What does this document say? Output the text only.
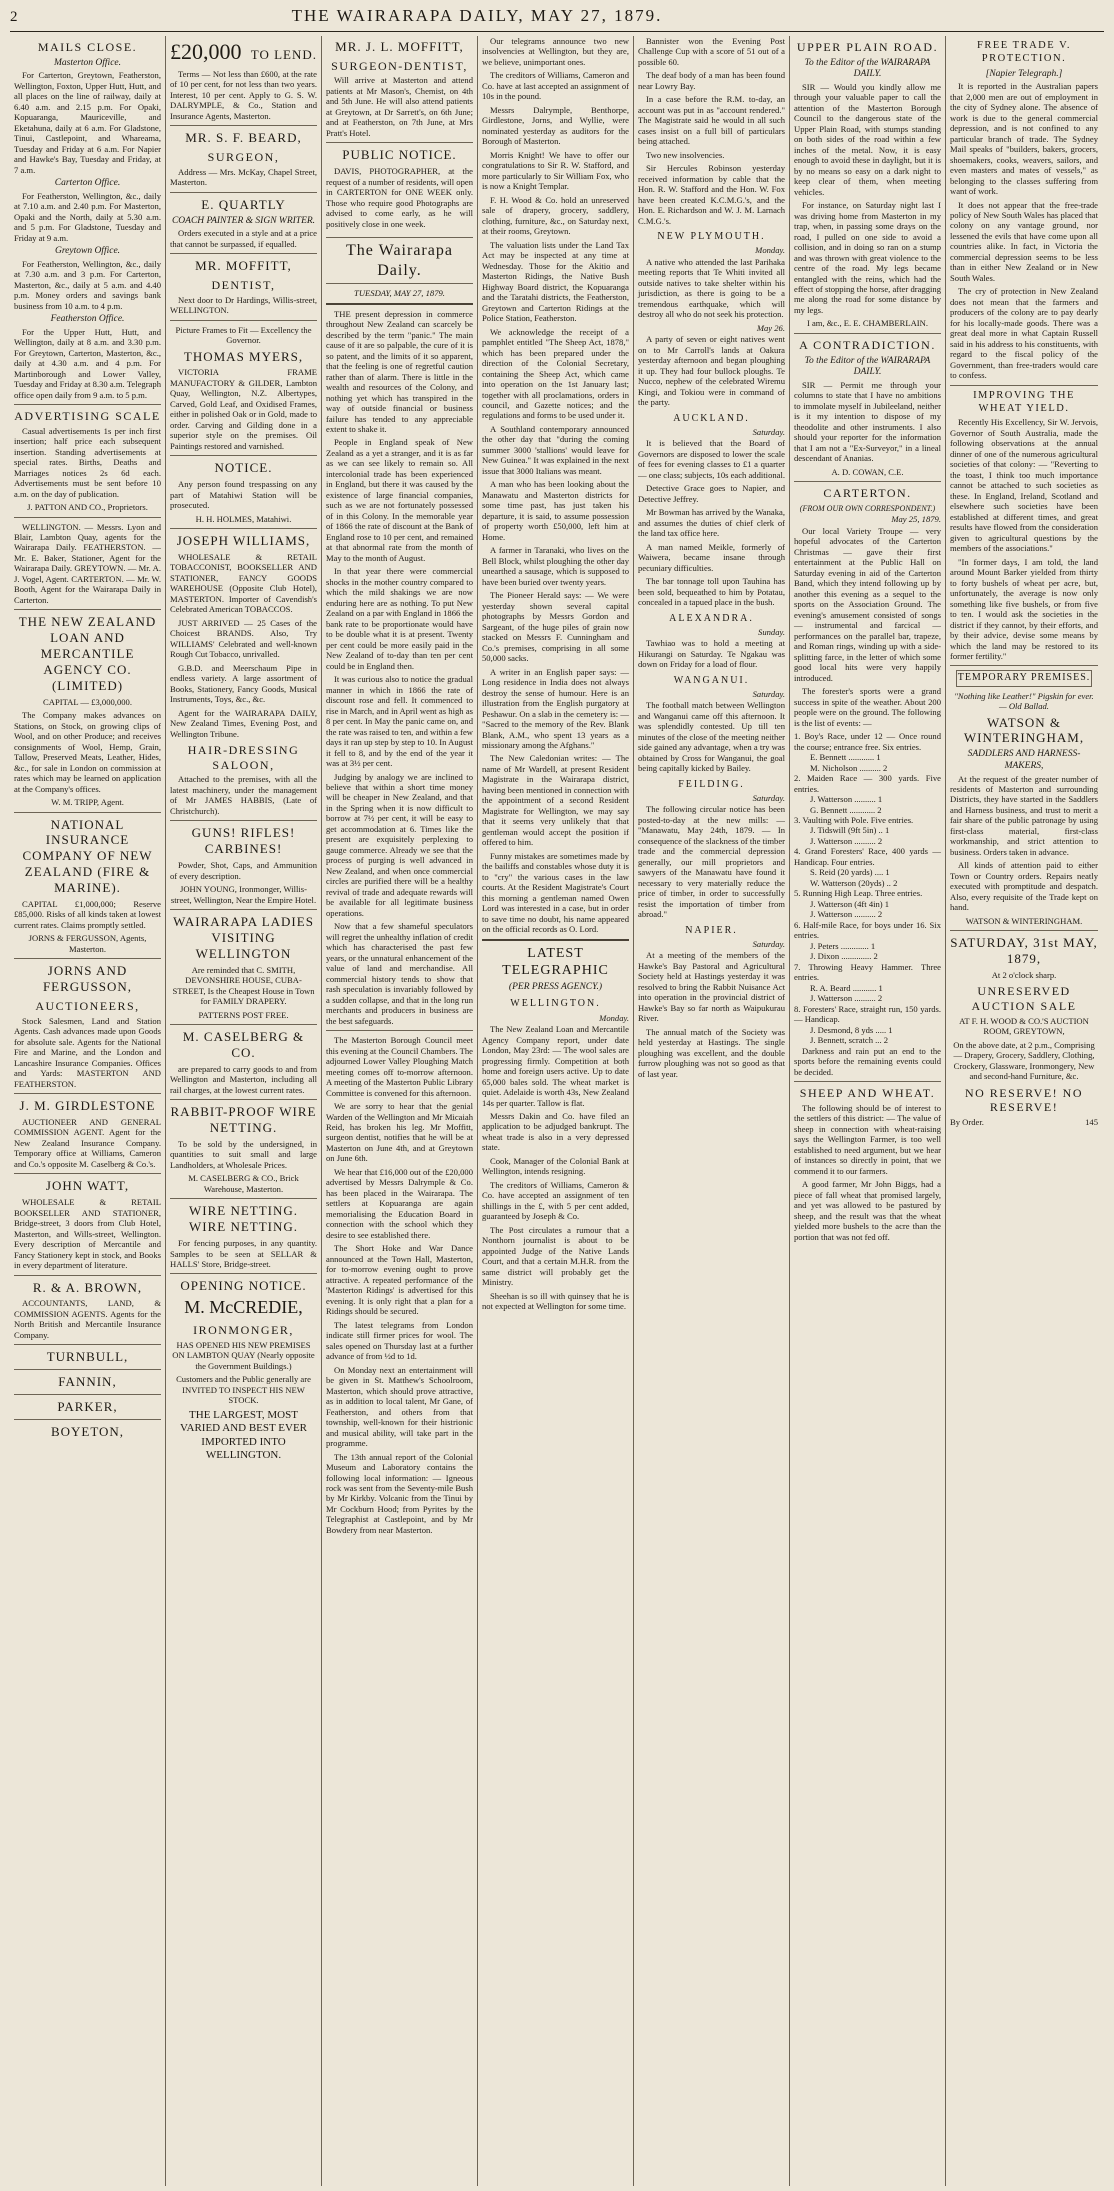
2	THE WAIRARAPA DAILY, MAY 27, 1879.
MAILS CLOSE.
Masterton Office.

For Carterton, Greytown, Featherston, Wellington, Foxton, Upper Hutt, Hutt, and all places on the line of railway, daily at 6.40 a.m. and 2.15 p.m. For Opaki, Kopuaranga, Mauriceville, and Eketahuna, daily at 6 a.m. For Gladstone, Tinui, Castlepoint, and Whareama, Tuesday and Friday at 6 a.m. For Napier and Hawke's Bay, Tuesday and Friday, at 7 a.m.

Carterton Office.

For Featherston, Wellington, &c., daily at 7.10 a.m. and 2.40 p.m. For Masterton, Opaki and the North, daily at 5.30 a.m. and 5 p.m. For Gladstone, Tuesday and Friday at 9 a.m.

Greytown Office.

For Featherston, Wellington, &c., daily at 7.30 a.m. and 3 p.m. For Carterton, Masterton, &c., daily at 5 a.m. and 4.40 p.m. Money orders and savings bank business from 10 a.m. to 4 p.m.

Featherston Office.

For the Upper Hutt, Hutt, and Wellington, daily at 8 a.m. and 3.30 p.m. For Greytown, Carterton, Masterton, &c., daily at 4.30 a.m. and 4 p.m. For Martinborough and Lower Valley, Tuesday and Friday at 8.30 a.m. Telegraph office open daily from 9 a.m. to 5 p.m.

ADVERTISING SCALE

Casual advertisements 1s per inch first insertion; half price each subsequent insertion. Standing advertisements at special rates. Births, Deaths and Marriages notices 2s 6d each. Advertisements must be sent before 10 a.m. on the day of publication.

J. PATTON AND CO., Proprietors.

WELLINGTON. — Messrs. Lyon and Blair, Lambton Quay, agents for the Wairarapa Daily. FEATHERSTON. — Mr. E. Baker, Stationer, Agent for the Wairarapa Daily. GREYTOWN. — Mr. A. J. Vogel, Agent. CARTERTON. — Mr. W. Booth, Agent for the Wairarapa Daily in Carterton.

THE NEW ZEALAND LOAN AND MERCANTILE AGENCY CO. (LIMITED)

CAPITAL — £3,000,000.

The Company makes advances on Stations, on Stock, on growing clips of Wool, and on other Produce; and receives consignments of Wool, Hemp, Grain, Tallow, Preserved Meats, Leather, Hides, &c., for sale in London on commission at rates which may be learned on application at the Company's offices.

W. M. TRIPP, Agent.

NATIONAL INSURANCE COMPANY OF NEW ZEALAND (FIRE & MARINE).

CAPITAL £1,000,000; Reserve £85,000. Risks of all kinds taken at lowest current rates. Claims promptly settled.

JORNS & FERGUSSON, Agents, Masterton.

JORNS AND FERGUSSON,
AUCTIONEERS,

Stock Salesmen, Land and Station Agents. Cash advances made upon Goods for absolute sale. Agents for the National Fire and Marine, and the London and Lancashire Insurance Companies. Offices and Yards: MASTERTON AND FEATHERSTON.

J. M. GIRDLESTONE

AUCTIONEER AND GENERAL COMMISSION AGENT. Agent for the New Zealand Insurance Company. Temporary office at Williams, Cameron and Co.'s opposite M. Caselberg & Co.'s.

JOHN WATT,

WHOLESALE & RETAIL BOOKSELLER AND STATIONER, Bridge-street, 3 doors from Club Hotel, Masterton, and Wills-street, Wellington. Every description of Mercantile and Fancy Stationery kept in stock, and Books in every department of literature.

R. & A. BROWN,

ACCOUNTANTS, LAND, & COMMISSION AGENTS. Agents for the North British and Mercantile Insurance Company.

TURNBULL,
FANNIN,
PARKER,
BOYETON,
£20,000 TO LEND.

Terms — Not less than £600, at the rate of 10 per cent, for not less than two years. Interest, 10 per cent. Apply to G. S. W. DALRYMPLE, & Co., Station and Insurance Agents, Masterton.

MR. S. F. BEARD,
SURGEON,

Address — Mrs. McKay, Chapel Street, Masterton.

E. QUARTLY
COACH PAINTER & SIGN WRITER.

Orders executed in a style and at a price that cannot be surpassed, if equalled.

MR. MOFFITT,
DENTIST,

Next door to Dr Hardings, Willis-street, WELLINGTON.

Picture Frames to Fit — Excellency the Governor.

THOMAS MYERS,

VICTORIA FRAME MANUFACTORY & GILDER, Lambton Quay, Wellington, N.Z. Albertypes, Carved, Gold Leaf, and Oxidised Frames, either in polished Oak or in Gold, made to order. Carving and Gilding done in a superior style on the premises. Oil Paintings restored and varnished.

NOTICE.

Any person found trespassing on any part of Matahiwi Station will be prosecuted.

H. H. HOLMES, Matahiwi.

JOSEPH WILLIAMS,

WHOLESALE & RETAIL TOBACCONIST, BOOKSELLER AND STATIONER, FANCY GOODS WAREHOUSE (Opposite Club Hotel), MASTERTON. Importer of Cavendish's Celebrated American TOBACCOS.

JUST ARRIVED — 25 Cases of the Choicest BRANDS. Also, Try WILLIAMS' Celebrated and well-known Rough Cut Tobacco, unrivalled.

G.B.D. and Meerschaum Pipe in endless variety. A large assortment of Books, Stationery, Fancy Goods, Musical Instruments, Toys, &c., &c.

Agent for the WAIRARAPA DAILY, New Zealand Times, Evening Post, and Wellington Tribune.

HAIR-DRESSING SALOON,

Attached to the premises, with all the latest machinery, under the management of Mr JAMES HABBIS, (Late of Christchurch).

GUNS! RIFLES! CARBINES!

Powder, Shot, Caps, and Ammunition of every description.

JOHN YOUNG, Ironmonger, Willis-street, Wellington, Near the Empire Hotel.

WAIRARAPA LADIES VISITING WELLINGTON

Are reminded that C. SMITH, DEVONSHIRE HOUSE, CUBA-STREET, Is the Cheapest House in Town for FAMILY DRAPERY.

PATTERNS POST FREE.

M. CASELBERG & CO.

are prepared to carry goods to and from Wellington and Masterton, including all rail charges, at the lowest current rates.

RABBIT-PROOF WIRE NETTING.

To be sold by the undersigned, in quantities to suit small and large Landholders, at Wholesale Prices.

M. CASELBERG & CO., Brick Warehouse, Masterton.

WIRE NETTING. WIRE NETTING.

For fencing purposes, in any quantity. Samples to be seen at SELLAR & HALLS' Store, Bridge-street.

OPENING NOTICE.
M. McCREDIE,
IRONMONGER,

HAS OPENED HIS NEW PREMISES ON LAMBTON QUAY (Nearly opposite the Government Buildings.)

Customers and the Public generally are INVITED TO INSPECT HIS NEW STOCK.

THE LARGEST, MOST VARIED AND BEST EVER IMPORTED INTO WELLINGTON.

MR. J. L. MOFFITT,
SURGEON-DENTIST,

Will arrive at Masterton and attend patients at Mr Mason's, Chemist, on 4th and 5th June. He will also attend patients at Greytown, at Dr Sarrett's, on 6th June; and at Featherston, on 7th June, at Mrs Pratt's Hotel.

PUBLIC NOTICE.

DAVIS, PHOTOGRAPHER, at the request of a number of residents, will open in CARTERTON for ONE WEEK only. Those who require good Photographs are advised to come early, as he will positively close in one week.

The Wairarapa Daily.

TUESDAY, MAY 27, 1879.

THE present depression in commerce throughout New Zealand can scarcely be described by the term "panic." The main cause of it are so palpable, the cure of it is so patent, and the limits of it so apparent, that the feeling is one of regretful caution rather than of alarm. There is little in the wealth and resources of the Colony, and nothing yet which has transpired in the way of outside financial or business failure has tended to any appreciable extent to shake it.

People in England speak of New Zealand as a yet a stranger, and it is as far as we can see likely to remain so. All intercolonial trade has been experienced in England, but there it was caused by the existence of large financial companies, such as we are not fortunately possessed of in this Colony. In the memorable year of 1866 the rate of discount at the Bank of England rose to 10 per cent, and remained at that abnormal rate from the month of May to the month of August.

In that year there were commercial shocks in the mother country compared to which the mild shakings we are now enduring here are as nothing. To put New Zealand on a par with England in 1866 the bank rate to be proportionate would have to be double what it is at present. Twenty per cent could be more easily paid in the New Zealand of to-day than ten per cent could be in England then.

It was curious also to notice the gradual manner in which in 1866 the rate of discount rose and fell. It commenced to rise in March, and in April went as high as 8 per cent. In May the panic came on, and the rate was raised to ten, and within a few days it ran up step by step to 10. In August it fell to 8, and by the end of the year it was at 3½ per cent.

Judging by analogy we are inclined to believe that within a short time money will be cheaper in New Zealand, and that in the Spring when it is now difficult to borrow at 7½ per cent, it will be easy to get accommodation at 6. Times like the present are exquisitely perplexing to gauge commerce. Already we see that the process of purging is well advanced in New Zealand, and when once commercial circles are purified there will be a healthy revival of trade and adequate rewards will be available for all legitimate business operations.

Now that a few shameful speculators will regret the unhealthy inflation of credit which has characterised the past few years, or the unnatural enhancement of the value of land and merchandise. All commercial history tends to show that rash speculation is invariably followed by a sudden collapse, and that in the long run merchants and producers in business are the best safeguards.

The Masterton Borough Council meet this evening at the Council Chambers. The adjourned Lower Valley Ploughing Match meeting comes off to-morrow afternoon. A meeting of the Masterton Public Library Committee is convened for this afternoon.

We are sorry to hear that the genial Warden of the Wellington and Mr Micaiah Reid, has broken his leg. Mr Moffitt, surgeon dentist, notifies that he will be at Masterton on June 4th, and at Greytown on June 6th.

We hear that £16,000 out of the £20,000 advertised by Messrs Dalrymple & Co. has been placed in the Wairarapa. The settlers at Kopuaranga are again memorialising the Education Board in connection with the school which they desire to see established there.

The Short Hoke and War Dance announced at the Town Hall, Masterton, for to-morrow evening ought to prove attractive. A repeated performance of the 'Masterton Ridings' is advertised for this evening. It is only right that a plan for a Ridings should be secured.

The latest telegrams from London indicate still firmer prices for wool. The sales opened on Thursday last at a further advance of from ½d to 1d.

On Monday next an entertainment will be given in St. Matthew's Schoolroom, Masterton, which should prove attractive, as in addition to local talent, Mr Gane, of Featherston, and others from that township, well-known for their histrionic and musical ability, will take part in the programme.

The 13th annual report of the Colonial Museum and Laboratory contains the following local information: — Igneous rock was sent from the Seventy-mile Bush by Mr Kirkby. Volcanic from the Tinui by Mr Cockburn Hood; from Pyrites by the Telegraphist at Castlepoint, and by Mr Bowdery from near Masterton.

Our telegrams announce two new insolvencies at Wellington, but they are, we believe, unimportant ones.

The creditors of Williams, Cameron and Co. have at last accepted an assignment of 10s in the pound.

Messrs Dalrymple, Benthorpe, Girdlestone, Jorns, and Wyllie, were nominated yesterday as auditors for the Borough of Masterton.

Morris Knight! We have to offer our congratulations to Sir R. W. Stafford, and more particularly to Sir William Fox, who is now a Knight Templar.

F. H. Wood & Co. hold an unreserved sale of drapery, grocery, saddlery, clothing, furniture, &c., on Saturday next, at their rooms, Greytown.

The valuation lists under the Land Tax Act may be inspected at any time at Wednesday. Those for the Akitio and Masterton Ridings, the Native Bush Highway Board district, the Kopuaranga and the Taratahi districts, the Featherston, Greytown and Carterton Ridings at the Police Station, Featherston.

We acknowledge the receipt of a pamphlet entitled "The Sheep Act, 1878," which has been prepared under the direction of the Colonial Secretary, containing the Sheep Act, which came into operation on the 1st January last; together with all proclamations, orders in council, and Gazette notices; and the regulations and forms to be used under it.

A Southland contemporary announced the other day that "during the coming summer 3000 'stallions' would leave for New Guinea." It was explained in the next issue that 3000 Italians was meant.

A man who has been looking about the Manawatu and Masterton districts for some time past, has just taken his departure, it is said, to assume possession of property worth £50,000, left him at Home.

A farmer in Taranaki, who lives on the Bell Block, whilst ploughing the other day unearthed a sausage, which is supposed to have been buried over twenty years.

The Pioneer Herald says: — We were yesterday shown several capital photographs by Messrs Gordon and Sargeant, of the huge piles of grain now stacked on Messrs F. Cunningham and Co.'s premises, comprising in all some 50,000 sacks.

A writer in an English paper says: — Long residence in India does not always destroy the sense of humour. Here is an illustration from the English purgatory at Peshawur. On a slab in the cemetery is: — "Sacred to the memory of the Rev. Blank Blank, A.M., who spent 13 years as a missionary among the Afghans."

The New Caledonian writes: — The name of Mr Wardell, at present Resident Magistrate in the Wairarapa district, having been mentioned in connection with the appointment of a second Resident Magistrate for Wellington, we may say that it seems very unlikely that that gentleman would accept the position if offered to him.

Funny mistakes are sometimes made by the bailiffs and constables whose duty it is to "cry" the various cases in the law courts. At the Resident Magistrate's Court this morning a gentleman named Owen Lord was interested in a case, but in order to save time no doubt, his name appeared on the official records as O. Lord.

LATEST TELEGRAPHIC
(PER PRESS AGENCY.)
WELLINGTON.
Monday.

The New Zealand Loan and Mercantile Agency Company report, under date London, May 23rd: — The wool sales are progressing firmly. Competition at both home and foreign users active. Up to date 65,000 bales sold. The wheat market is quiet. Adelaide is worth 43s, New Zealand 14s per quarter. Tallow is flat.

Messrs Dakin and Co. have filed an application to be adjudged bankrupt. The wheat trade is also in a very depressed state.

Cook, Manager of the Colonial Bank at Wellington, intends resigning.

The creditors of Williams, Cameron & Co. have accepted an assignment of ten shillings in the £, with 5 per cent added, guaranteed by Joseph & Co.

The Post circulates a rumour that a Nonthorn journalist is about to be appointed Judge of the Native Lands Court, and that a certain M.H.R. from the same district will probably get the Ministry.

Sheehan is so ill with quinsey that he is not expected at Wellington for some time.

Bannister won the Evening Post Challenge Cup with a score of 51 out of a possible 60.

The deaf body of a man has been found near Lowry Bay.

In a case before the R.M. to-day, an account was put in as "account rendered." The Magistrate said he would in all such cases insist on a full bill of particulars being attached.

Two new insolvencies.

Sir Hercules Robinson yesterday received information by cable that the Hon. R. W. Stafford and the Hon. W. Fox have been created K.C.M.G.'s, and the Hon. E. Richardson and W. J. M. Larnach C.M.G.'s.

NEW PLYMOUTH.
Monday.

A native who attended the last Parihaka meeting reports that Te Whiti invited all outside natives to take shelter within his jurisdiction, as there is going to be a tremendous earthquake, which will destroy all who do not seek his protection.

May 26.

A party of seven or eight natives went on to Mr Carroll's lands at Oakura yesterday afternoon and began ploughing it up. They had four bullock ploughs. Te Nucco, nephew of the celebrated Wiremu Kingi, and Tokiou were in command of the party.

AUCKLAND.
Saturday.

It is believed that the Board of Governors are disposed to lower the scale of fees for evening classes to £1 a quarter — one class; subjects, 10s each additional.

Detective Grace goes to Napier, and Detective Jeffrey.

Mr Bowman has arrived by the Wanaka, and assumes the duties of chief clerk of the land tax office here.

A man named Meikle, formerly of Waiwera, became insane through pecuniary difficulties.

The bar tonnage toll upon Tauhina has been sold, bequeathed to him by Potatau, concealed in a tapued place in the bush.

ALEXANDRA.
Sunday.

Tawhiao was to hold a meeting at Hikurangi on Saturday. Te Ngakau was down on Friday for a load of flour.

WANGANUI.
Saturday.

The football match between Wellington and Wanganui came off this afternoon. It was splendidly contested. Up till ten minutes of the close of the meeting neither side gained any advantage, when a try was obtained by Cross for Wanganui, the goal being capitally kicked by Bailey.

FEILDING.
Saturday.

The following circular notice has been posted-to-day at the new mills: — "Manawatu, May 24th, 1879. — In consequence of the slackness of the timber trade and the commercial depression generally, our mill proprietors and sawyers of the Manawatu have found it necessary to very materially reduce the price of timber, in order to successfully resist the importation of timber from abroad."

NAPIER.
Saturday.

At a meeting of the members of the Hawke's Bay Pastoral and Agricultural Society held at Hastings yesterday it was resolved to bring the Rabbit Nuisance Act into operation in the provincial district of Hawke's Bay so far north as Waipukurau River.

The annual match of the Society was held yesterday at Hastings. The single ploughing was excellent, and the double furrow ploughing was not so good as that of last year.

UPPER PLAIN ROAD.
To the Editor of the WAIRARAPA DAILY.

SIR — Would you kindly allow me through your valuable paper to call the attention of the Masterton Borough Council to the dangerous state of the Upper Plain Road, with stumps standing on both sides of the road within a few inches of the metal. Now, it is easy enough to avoid these in daylight, but it is by no means so easy on a dark night to keep clear of them, when meeting vehicles.

For instance, on Saturday night last I was driving home from Masterton in my trap, when, in passing some drays on the road, I pulled on one side to avoid a collision, and in doing so ran on a stump and was thrown with great violence to the centre of the road. My legs became entangled with the reins, which had the effect of stopping the horse, after dragging me along the road for some distance by my legs.

I am, &c., E. E. CHAMBERLAIN.

A CONTRADICTION.
To the Editor of the WAIRARAPA DAILY.

SIR — Permit me through your columns to state that I have no ambitions to immolate myself in Jubileeland, neither is it my intention to dispose of my theodolite and other instruments. I also should your reporter for the information that I am not a "Ex-Surveyor," in a lineal descendant of Ananias.

A. D. COWAN, C.E.

CARTERTON.
(FROM OUR OWN CORRESPONDENT.)
May 25, 1879.

Our local Variety Troupe — very hopeful advocates of the Carterton Christmas — gave their first entertainment at the Public Hall on Saturday evening in aid of the Carterton Band, which they intend following up by another this evening as a sequel to the sports on the Association Ground. The evening's amusement consisted of songs — instrumental and farcical — performances on the parallel bar, trapeze, and Roman rings, winding up with a side-splitting farce, in the letter of which some good local hits were very happily introduced.

The forester's sports were a grand success in spite of the weather. About 200 people were on the ground. The following is the list of events: —

1. Boy's Race, under 12 — Once round the course; entrance free. Six entries.

E. Bennett ............ 1

M. Nicholson .......... 2

2. Maiden Race — 300 yards. Five entries.

J. Watterson .......... 1

G. Bennett ............ 2

3. Vaulting with Pole. Five entries.

J. Tidswill (9ft 5in) .. 1

J. Watterson .......... 2

4. Grand Foresters' Race, 400 yards — Handicap. Four entries.

S. Reid (20 yards) .... 1

W. Watterson (20yds) .. 2

5. Running High Leap. Three entries.

J. Watterson (4ft 4in) 1

J. Watterson .......... 2

6. Half-mile Race, for boys under 16. Six entries.

J. Peters ............. 1

J. Dixon .............. 2

7. Throwing Heavy Hammer. Three entries.

R. A. Beard ........... 1

J. Watterson .......... 2

8. Foresters' Race, straight run, 150 yards. — Handicap.

J. Desmond, 8 yds ..... 1

J. Bennett, scratch ... 2

Darkness and rain put an end to the sports before the remaining events could be decided.

SHEEP AND WHEAT.

The following should be of interest to the settlers of this district: — The value of sheep in connection with wheat-raising says the Wellington Farmer, is too well established to need argument, but we hear of instances so directly in point, that we commend it to our farmers.

A good farmer, Mr John Biggs, had a piece of fall wheat that promised largely, and yet was allowed to be pastured by sheep, and the result was that the wheat yielded more bushels to the acre than the portion that was not fed off.

FREE TRADE V. PROTECTION.
[Napier Telegraph.]

It is reported in the Australian papers that 2,000 men are out of employment in the city of Sydney alone. The absence of work is due to the general commercial depression, and is not confined to any particular branch of trade. The Sydney Mail speaks of "builders, bakers, grocers, shoemakers, cooks, weavers, sailors, and even masters and mates of vessels," as belonging to the classes suffering from want of work.

It does not appear that the free-trade policy of New South Wales has placed that colony on any vantage ground, nor lessened the evils that have come upon all countries alike. In fact, in Victoria the commercial depression seems to be less than in either New Zealand or in New South Wales.

The cry of protection in New Zealand does not mean that the farmers and producers of the colony are to pay dearly for his locally-made goods. There was a great deal more in what Captain Russell said in his address to his constituents, with regard to the fiscal policy of the Government, than free-traders would care to confess.

IMPROVING THE WHEAT YIELD.

Recently His Excellency, Sir W. Jervois, Governor of South Australia, made the following observations at the annual dinner of one of the numerous agricultural societies of that colony: — "Reverting to the toast, I think too much importance cannot be attached to such societies as these. In England, Ireland, Scotland and elsewhere such societies have been established at different times, and great results have flowed from the consideration given to agricultural questions by the members of the associations."

"In former days, I am told, the land around Mount Barker yielded from thirty to forty bushels of wheat per acre, but, unfortunately, the average is now only something like five bushels, or from five to ten. I would ask the societies in the district if they cannot, by their efforts, and by their advice, devise some means by which the land may be restored to its former fertility."

TEMPORARY PREMISES.

"Nothing like Leather!" Pigskin for ever. — Old Ballad.

WATSON & WINTERINGHAM,
SADDLERS AND HARNESS-MAKERS,

At the request of the greater number of residents of Masterton and surrounding Districts, they have started in the Saddlers and Harness business, and trust to merit a fair share of the public patronage by using first-class material, first-class workmanship, and strict attention to business. Orders taken in advance.

All kinds of attention paid to either Town or Country orders. Repairs neatly executed with promptitude and despatch. Also, every requisite of the Trade kept on hand.

WATSON & WINTERINGHAM.

SATURDAY, 31st MAY, 1879,

At 2 o'clock sharp.

UNRESERVED AUCTION SALE

AT F. H. WOOD & CO.'S AUCTION ROOM, GREYTOWN,

On the above date, at 2 p.m., Comprising — Drapery, Grocery, Saddlery, Clothing, Crockery, Glassware, Ironmongery, New and second-hand Furniture, &c.

NO RESERVE! NO RESERVE!
By Order.	145
